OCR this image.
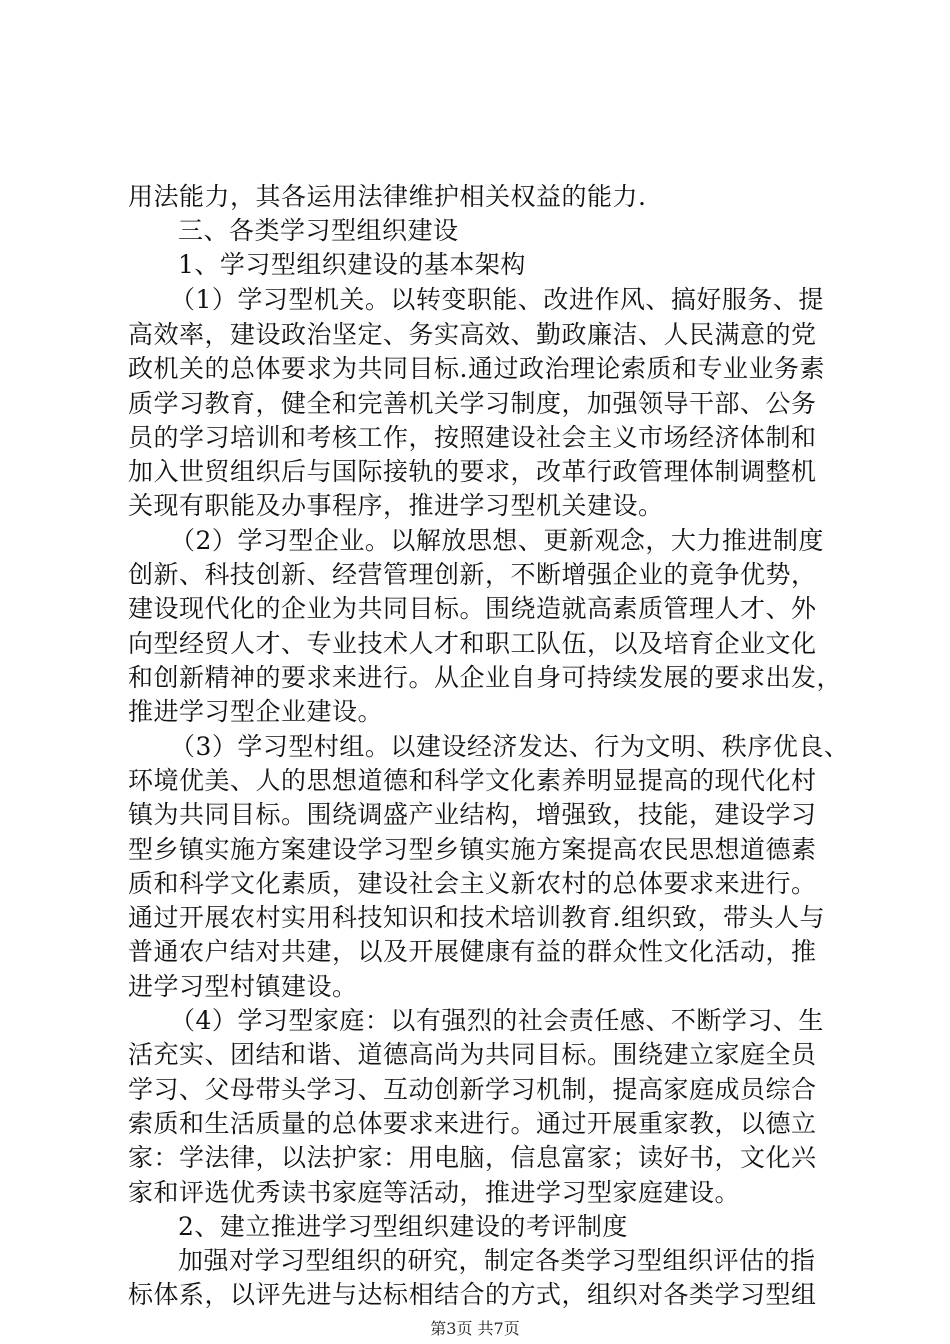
用法能力，其各运用法律维护相关权益的能力.
三、各类学习型组织建设
1、学习型组织建设的基本架构
（1）学习型机关。以转变职能、改进作风、搞好服务、提
高效率，建设政治坚定、务实高效、勤政廉洁、人民满意的党
政机关的总体要求为共同目标.通过政治理论索质和专业业务素
质学习教育，健全和完善机关学习制度，加强领导干部、公务
员的学习培训和考核工作，按照建设社会主义市场经济体制和
加入世贸组织后与国际接轨的要求，改革行政管理体制调整机
关现有职能及办事程序，推进学习型机关建设。
（2）学习型企业。以解放思想、更新观念，大力推进制度
创新、科技创新、经营管理创新，不断增强企业的竟争优势，
建设现代化的企业为共同目标。围绕造就高素质管理人才、外
向型经贸人才、专业技术人才和职工队伍，以及培育企业文化
和创新精神的要求来进行。从企业自身可持续发展的要求出发，
推进学习型企业建设。
（3）学习型村组。以建设经济发达、行为文明、秩序优良、
环境优美、人的思想道德和科学文化素养明显提高的现代化村
镇为共同目标。围绕调盛产业结构，增强致，技能，建设学习
型乡镇实施方案建设学习型乡镇实施方案提高农民思想道德素
质和科学文化素质，建设社会主义新农村的总体要求来进行。
通过开展农村实用科技知识和技术培训教育.组织致，带头人与
普通农户结对共建，以及开展健康有益的群众性文化活动，推
进学习型村镇建设。
（4）学习型家庭：以有强烈的社会责任感、不断学习、生
活充实、团结和谐、道德高尚为共同目标。围绕建立家庭全员
学习、父母带头学习、互动创新学习机制，提高家庭成员综合
索质和生活质量的总体要求来进行。通过开展重家教，以德立
家：学法律，以法护家：用电脑，信息富家；读好书，文化兴
家和评选优秀读书家庭等活动，推进学习型家庭建设。
2、建立推进学习型组织建设的考评制度
加强对学习型组织的研究，制定各类学习型组织评估的指
标体系，以评先进与达标相结合的方式，组织对各类学习型组
第3页 共7页
